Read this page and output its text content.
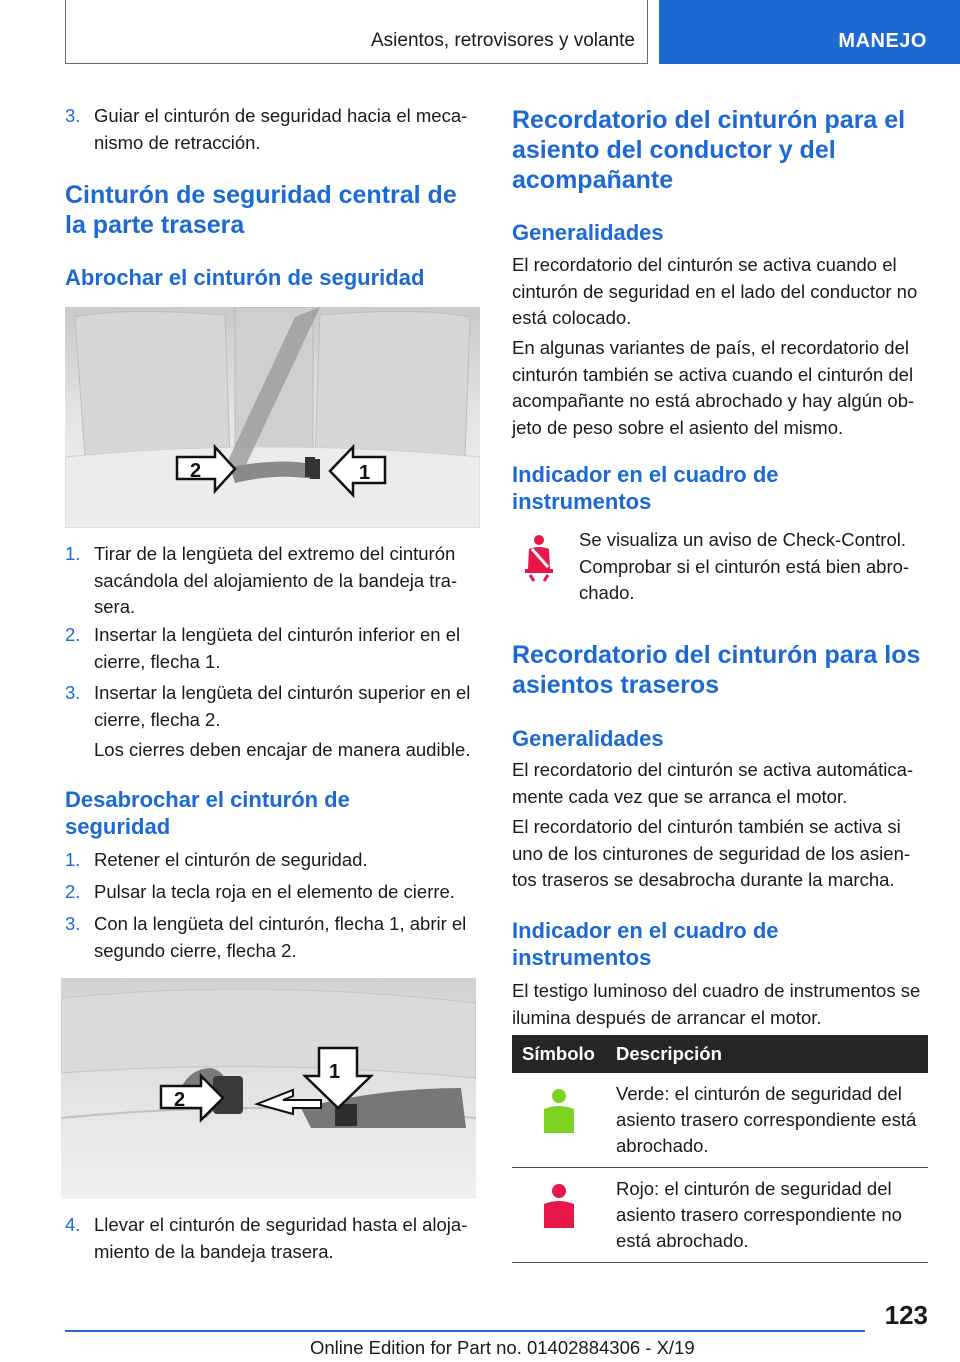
Asientos, retrovisores y volante	MANEJO
3. Guiar el cinturón de seguridad hacia el meca-
nismo de retracción.
Cinturón de seguridad central de la parte trasera
Abrochar el cinturón de seguridad
2	1
1. Tirar de la lengüeta del extremo del cinturón sacándola del alojamiento de la bandeja tra-sera.
2. Insertar la lengüeta del cinturón inferior en el cierre, flecha 1.
3. Insertar la lengüeta del cinturón superior en el cierre, flecha 2.

Los cierres deben encajar de manera audible.

Desabrochar el cinturón de seguridad
1. Retener el cinturón de seguridad.
2. Pulsar la tecla roja en el elemento de cierre.
3. Con la lengüeta del cinturón, flecha 1, abrir el segundo cierre, flecha 2.
1
2
4. Llevar el cinturón de seguridad hasta el aloja-miento de la bandeja trasera.
Recordatorio del cinturón para el asiento del conductor y del acompañante
Generalidades

El recordatorio del cinturón se activa cuando el cinturón de seguridad en el lado del conductor no está colocado.

En algunas variantes de país, el recordatorio del cinturón también se activa cuando el cinturón del acompañante no está abrochado y hay algún ob-jeto de peso sobre el asiento del mismo.

Indicador en el cuadro de instrumentos

Se visualiza un aviso de Check-Control. Comprobar si el cinturón está bien abro-chado.

Recordatorio del cinturón para los asientos traseros
Generalidades

El recordatorio del cinturón se activa automática-mente cada vez que se arranca el motor.

El recordatorio del cinturón también se activa si uno de los cinturones de seguridad de los asien-tos traseros se desabrocha durante la marcha.

Indicador en el cuadro de instrumentos

El testigo luminoso del cuadro de instrumentos se ilumina después de arrancar el motor.

Símbolo	Descripción
	Verde: el cinturón de seguridad del asiento trasero correspondiente está abrochado.
	Rojo: el cinturón de seguridad del asiento trasero correspondiente no está abrochado.
123
Online Edition for Part no. 01402884306 - X/19
